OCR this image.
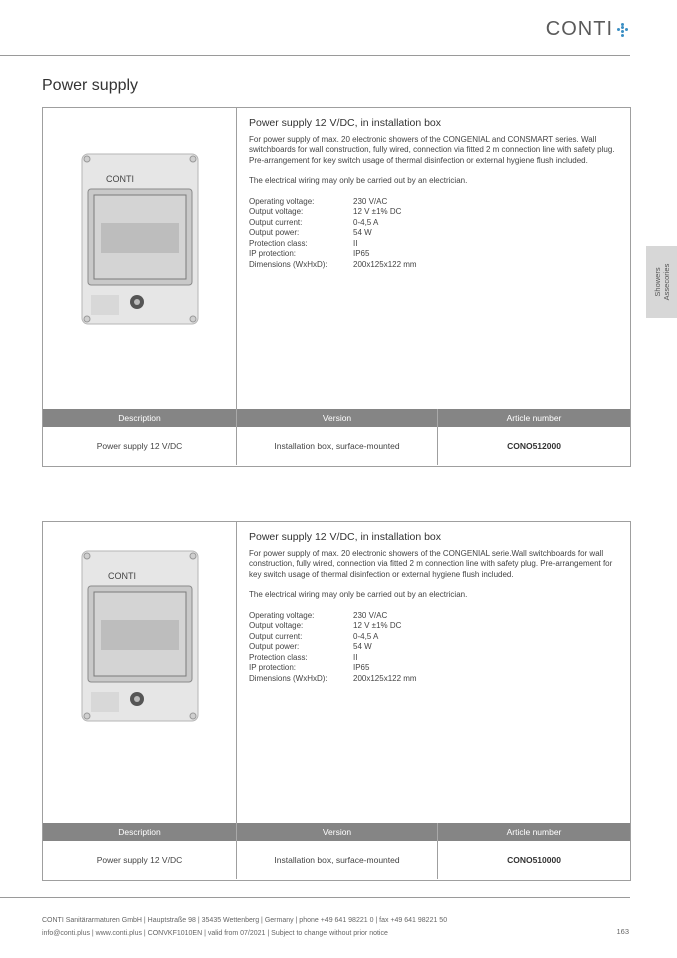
CONTI
Power supply
Showers
Assecories
CONTI
Power supply 12 V/DC, in installation box

For power supply of max. 20 electronic showers of the CONGENIAL and CONSMART series. Wall switchboards for wall construction, fully wired, connection via fitted 2 m connection line with safety plug. Pre-arrangement for key switch usage of thermal disinfection or external hygiene flush included.

The electrical wiring may only be carried out by an electrician.

Operating voltage:	230 V/AC
Output voltage:	12 V ±1% DC
Output current:	0-4,5 A
Output power:	54 W
Protection class:	II
IP protection:	IP65
Dimensions (WxHxD):	200x125x122 mm
Description	Version	Article number
Power supply 12 V/DC	Installation box, surface-mounted	CONO512000
CONTI
Power supply 12 V/DC, in installation box

For power supply of max. 20 electronic showers of the CONGENIAL serie.Wall switchboards for wall construction, fully wired, connection via fitted 2 m connection line with safety plug. Pre-arrangement for key switch usage of thermal disinfection or external hygiene flush included.

The electrical wiring may only be carried out by an electrician.

Operating voltage:	230 V/AC
Output voltage:	12 V ±1% DC
Output current:	0-4,5 A
Output power:	54 W
Protection class:	II
IP protection:	IP65
Dimensions (WxHxD):	200x125x122 mm
Description	Version	Article number
Power supply 12 V/DC	Installation box, surface-mounted	CONO510000
CONTI Sanitärarmaturen GmbH | Hauptstraße 98 | 35435 Wettenberg | Germany | phone +49 641 98221 0 | fax +49 641 98221 50
info@conti.plus | www.conti.plus | CONVKF1010EN | valid from 07/2021 | Subject to change without prior notice	163
